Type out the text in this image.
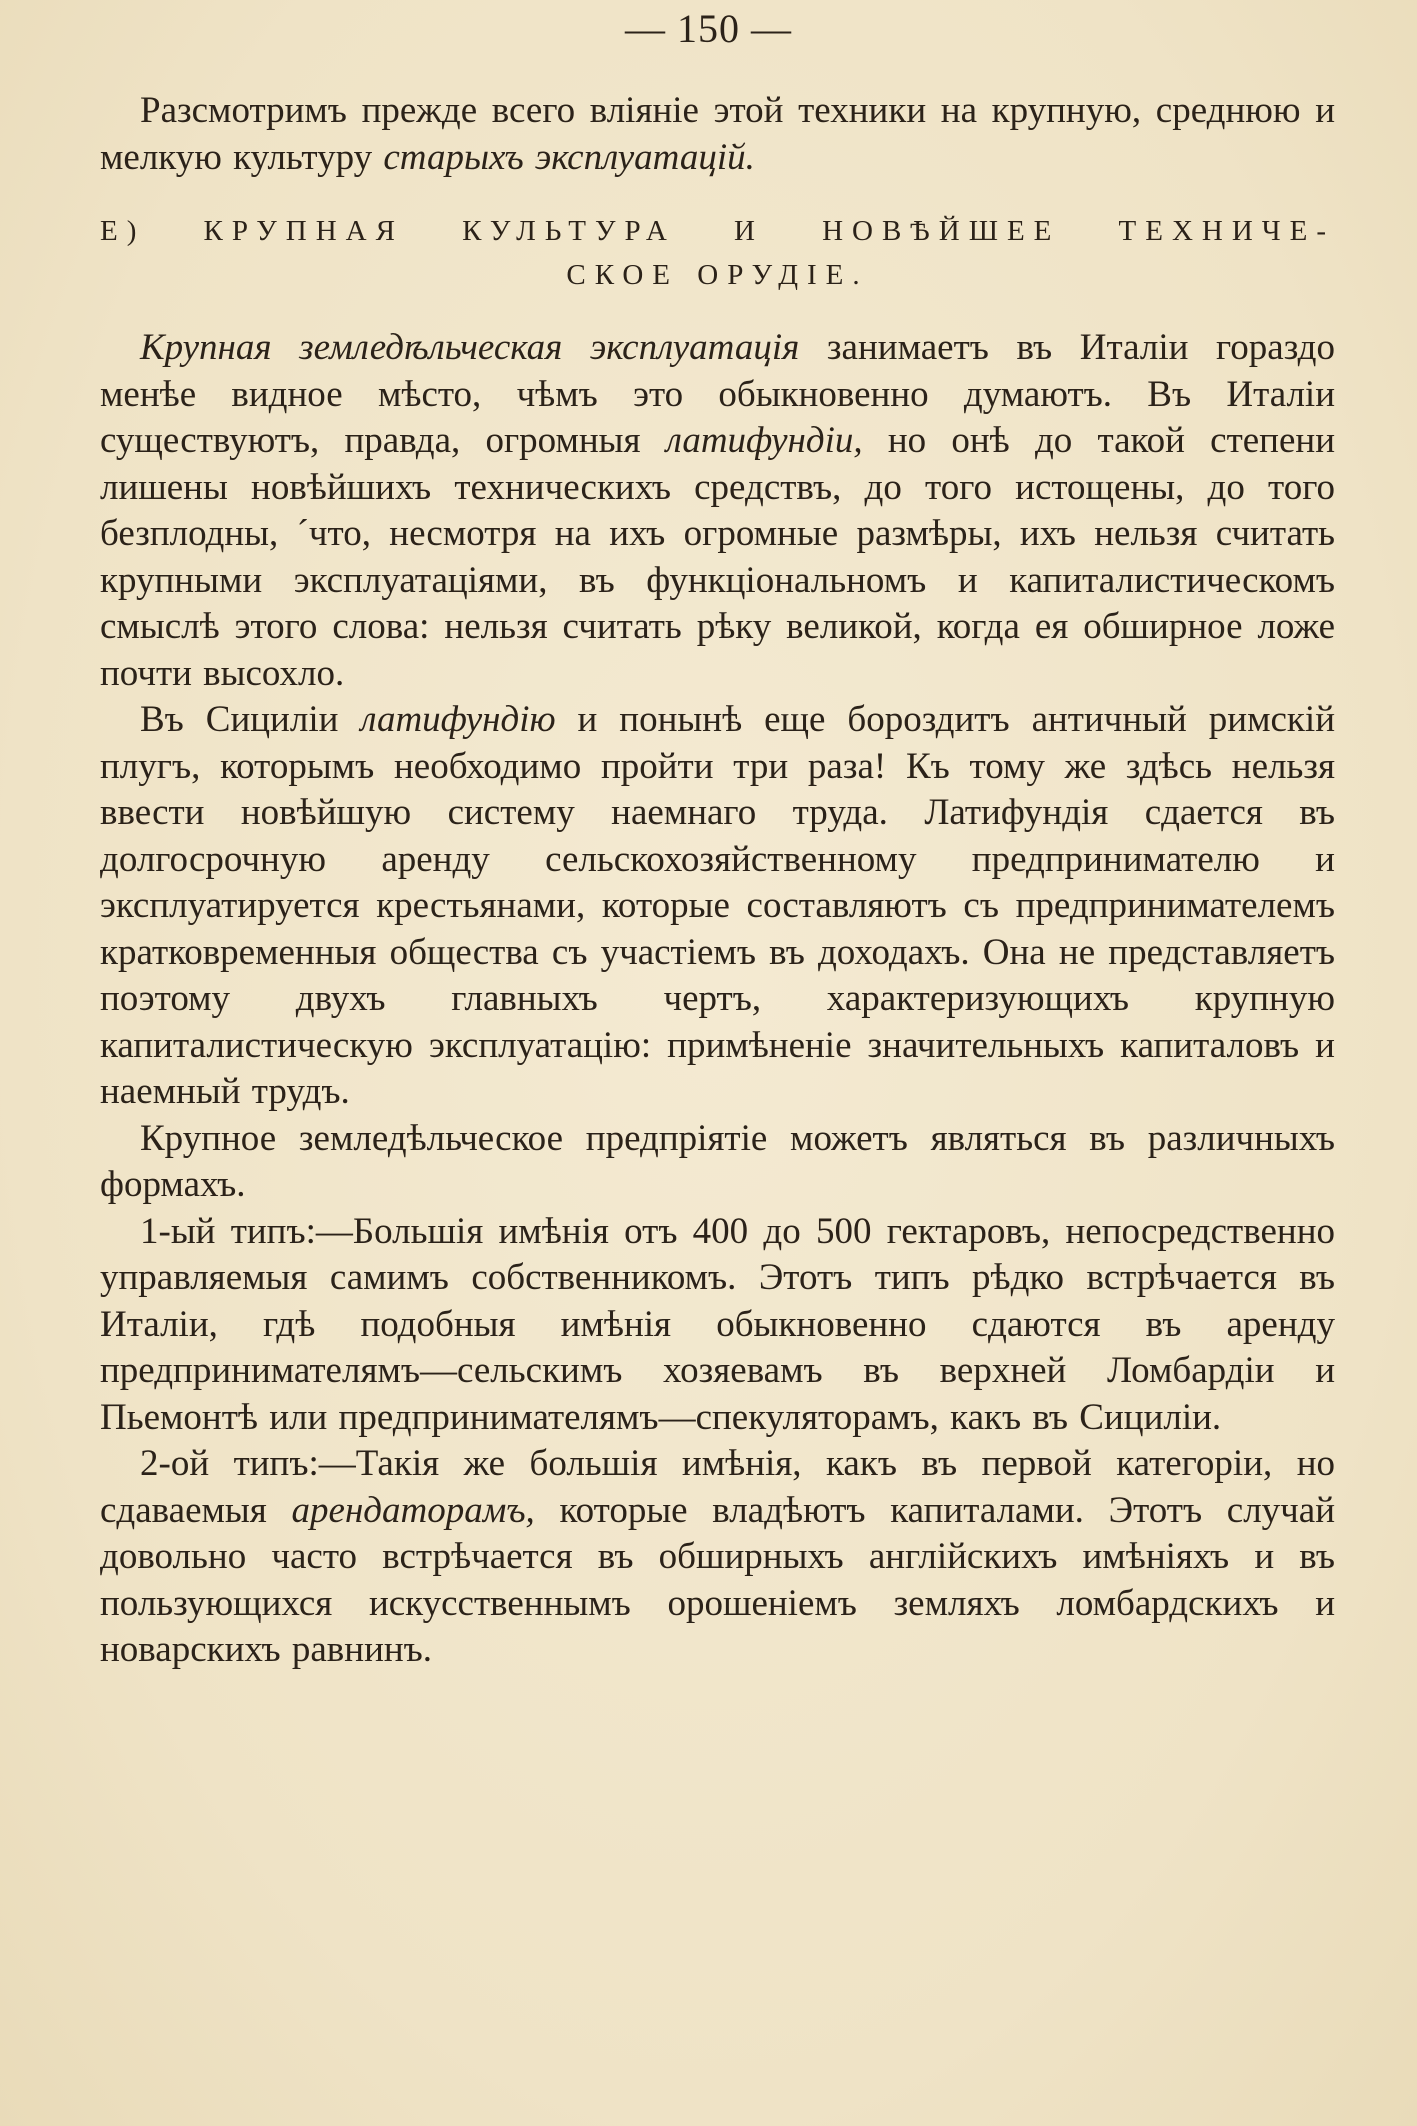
— 150 —

Разсмотримъ прежде всего вліяніе этой техники на крупную, среднюю и мелкую культуру старыхъ эксплуатацій.

Е) КРУПНАЯ КУЛЬТУРА И НОВѢЙШЕЕ ТЕХНИЧЕ-
СКОЕ ОРУДІЕ.

Крупная земледѣльческая эксплуатація занимаетъ въ Италіи гораздо менѣе видное мѣсто, чѣмъ это обыкновенно думаютъ. Въ Италіи существуютъ, правда, огромныя латифундіи, но онѣ до такой степени лишены новѣйшихъ техническихъ средствъ, до того истощены, до того безплодны, ´что, несмотря на ихъ огромные размѣры, ихъ нельзя считать крупными эксплуатаціями, въ функціональномъ и капиталистическомъ смыслѣ этого слова: нельзя считать рѣку великой, когда ея обширное ложе почти высохло.

Въ Сициліи латифундію и понынѣ еще бороздитъ античный римскій плугъ, которымъ необходимо пройти три раза! Къ тому же здѣсь нельзя ввести новѣйшую систему наемнаго труда. Латифундія сдается въ долгосрочную аренду сельскохозяйственному предпринимателю и эксплуатируется крестьянами, которые составляютъ съ предпринимателемъ кратковременныя общества съ участіемъ въ доходахъ. Она не представляетъ поэтому двухъ главныхъ чертъ, характеризующихъ крупную капиталистическую эксплуатацію: примѣненіе значительныхъ капиталовъ и наемный трудъ.

Крупное земледѣльческое предпріятіе можетъ являться въ различныхъ формахъ.

1-ый типъ:—Большія имѣнія отъ 400 до 500 гектаровъ, непосредственно управляемыя самимъ собственникомъ. Этотъ типъ рѣдко встрѣчается въ Италіи, гдѣ подобныя имѣнія обыкновенно сдаются въ аренду предпринимателямъ—сельскимъ хозяевамъ въ верхней Ломбардіи и Пьемонтѣ или предпринимателямъ—спекуляторамъ, какъ въ Сициліи.

2-ой типъ:—Такія же большія имѣнія, какъ въ первой категоріи, но сдаваемыя арендаторамъ, которые владѣютъ капиталами. Этотъ случай довольно часто встрѣчается въ обширныхъ англійскихъ имѣніяхъ и въ пользующихся искусственнымъ орошеніемъ земляхъ ломбардскихъ и новарскихъ равнинъ.
